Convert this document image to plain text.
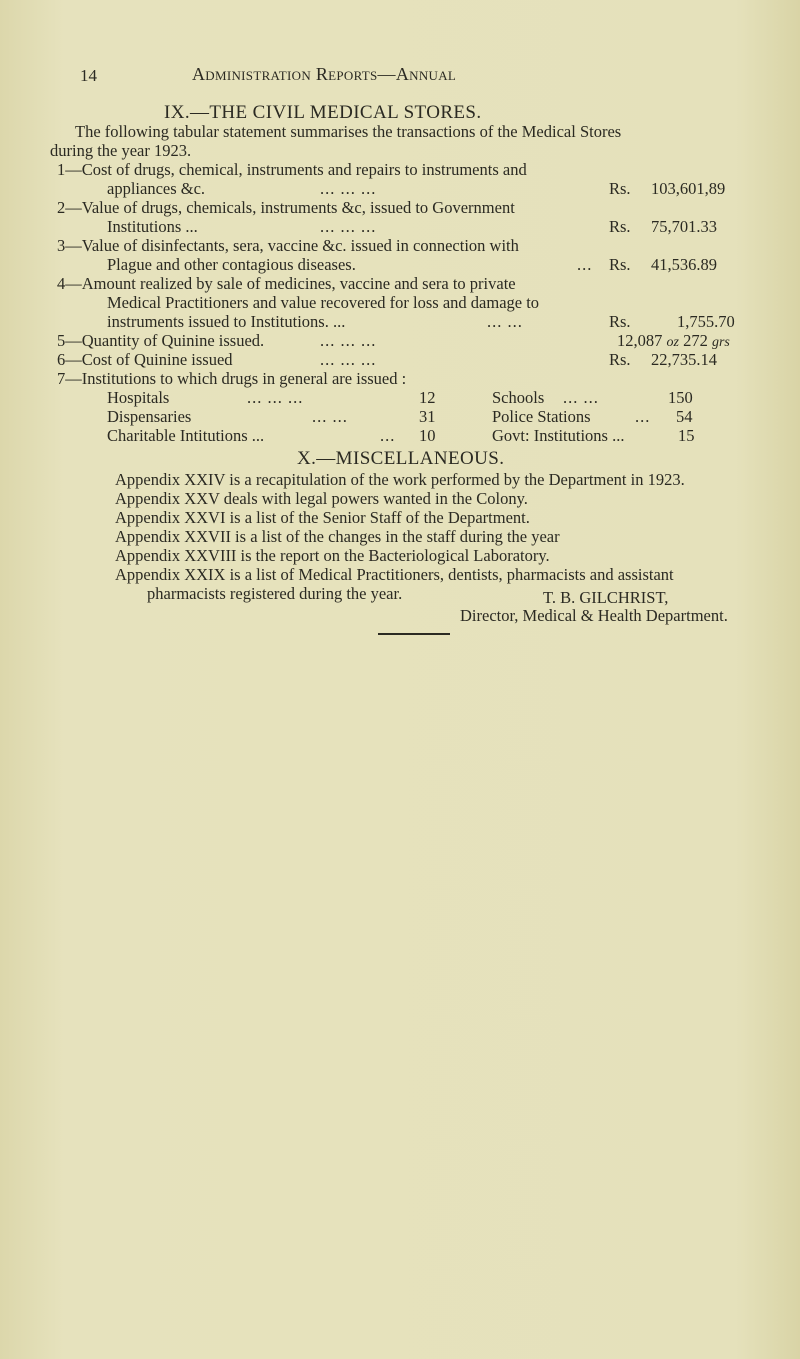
14	Administration Reports—Annual
IX.—THE CIVIL MEDICAL STORES.
The following tabular statement summarises the transactions of the Medical Stores
during the year 1923.
1—Cost of drugs, chemical, instruments and repairs to instruments and
appliances &c.	... ... ...	Rs. 103,601,89
2—Value of drugs, chemicals, instruments &c, issued to Government
Institutions ...	... ... ...	Rs. 75,701.33
3—Value of disinfectants, sera, vaccine &c. issued in connection with
Plague and other contagious diseases.	... Rs. 41,536.89
4—Amount realized by sale of medicines, vaccine and sera to private
Medical Practitioners and value recovered for loss and damage to
instruments issued to Institutions. ...	... ...	Rs.	1,755.70
5—Quantity of Quinine issued.	... ... ...	12,087 oz 272 grs
6—Cost of Quinine issued	... ... ...	Rs. 22,735.14
7—Institutions to which drugs in general are issued :
Hospitals	... ... ...	12
Dispensaries	... ...	31
Charitable Intitutions ...	... 10
Schools ... ...	150
Police Stations	... 54
Govt: Institutions ...	15
X.—MISCELLANEOUS.
Appendix XXIV is a recapitulation of the work performed by the Department in 1923.
Appendix XXV deals with legal powers wanted in the Colony.
Appendix XXVI is a list of the Senior Staff of the Department.
Appendix XXVII is a list of the changes in the staff during the year
Appendix XXVIII is the report on the Bacteriological Laboratory.
Appendix XXIX is a list of Medical Practitioners, dentists, pharmacists and assistant
pharmacists registered during the year.	T. B. GILCHRIST,
Director, Medical & Health Department.
